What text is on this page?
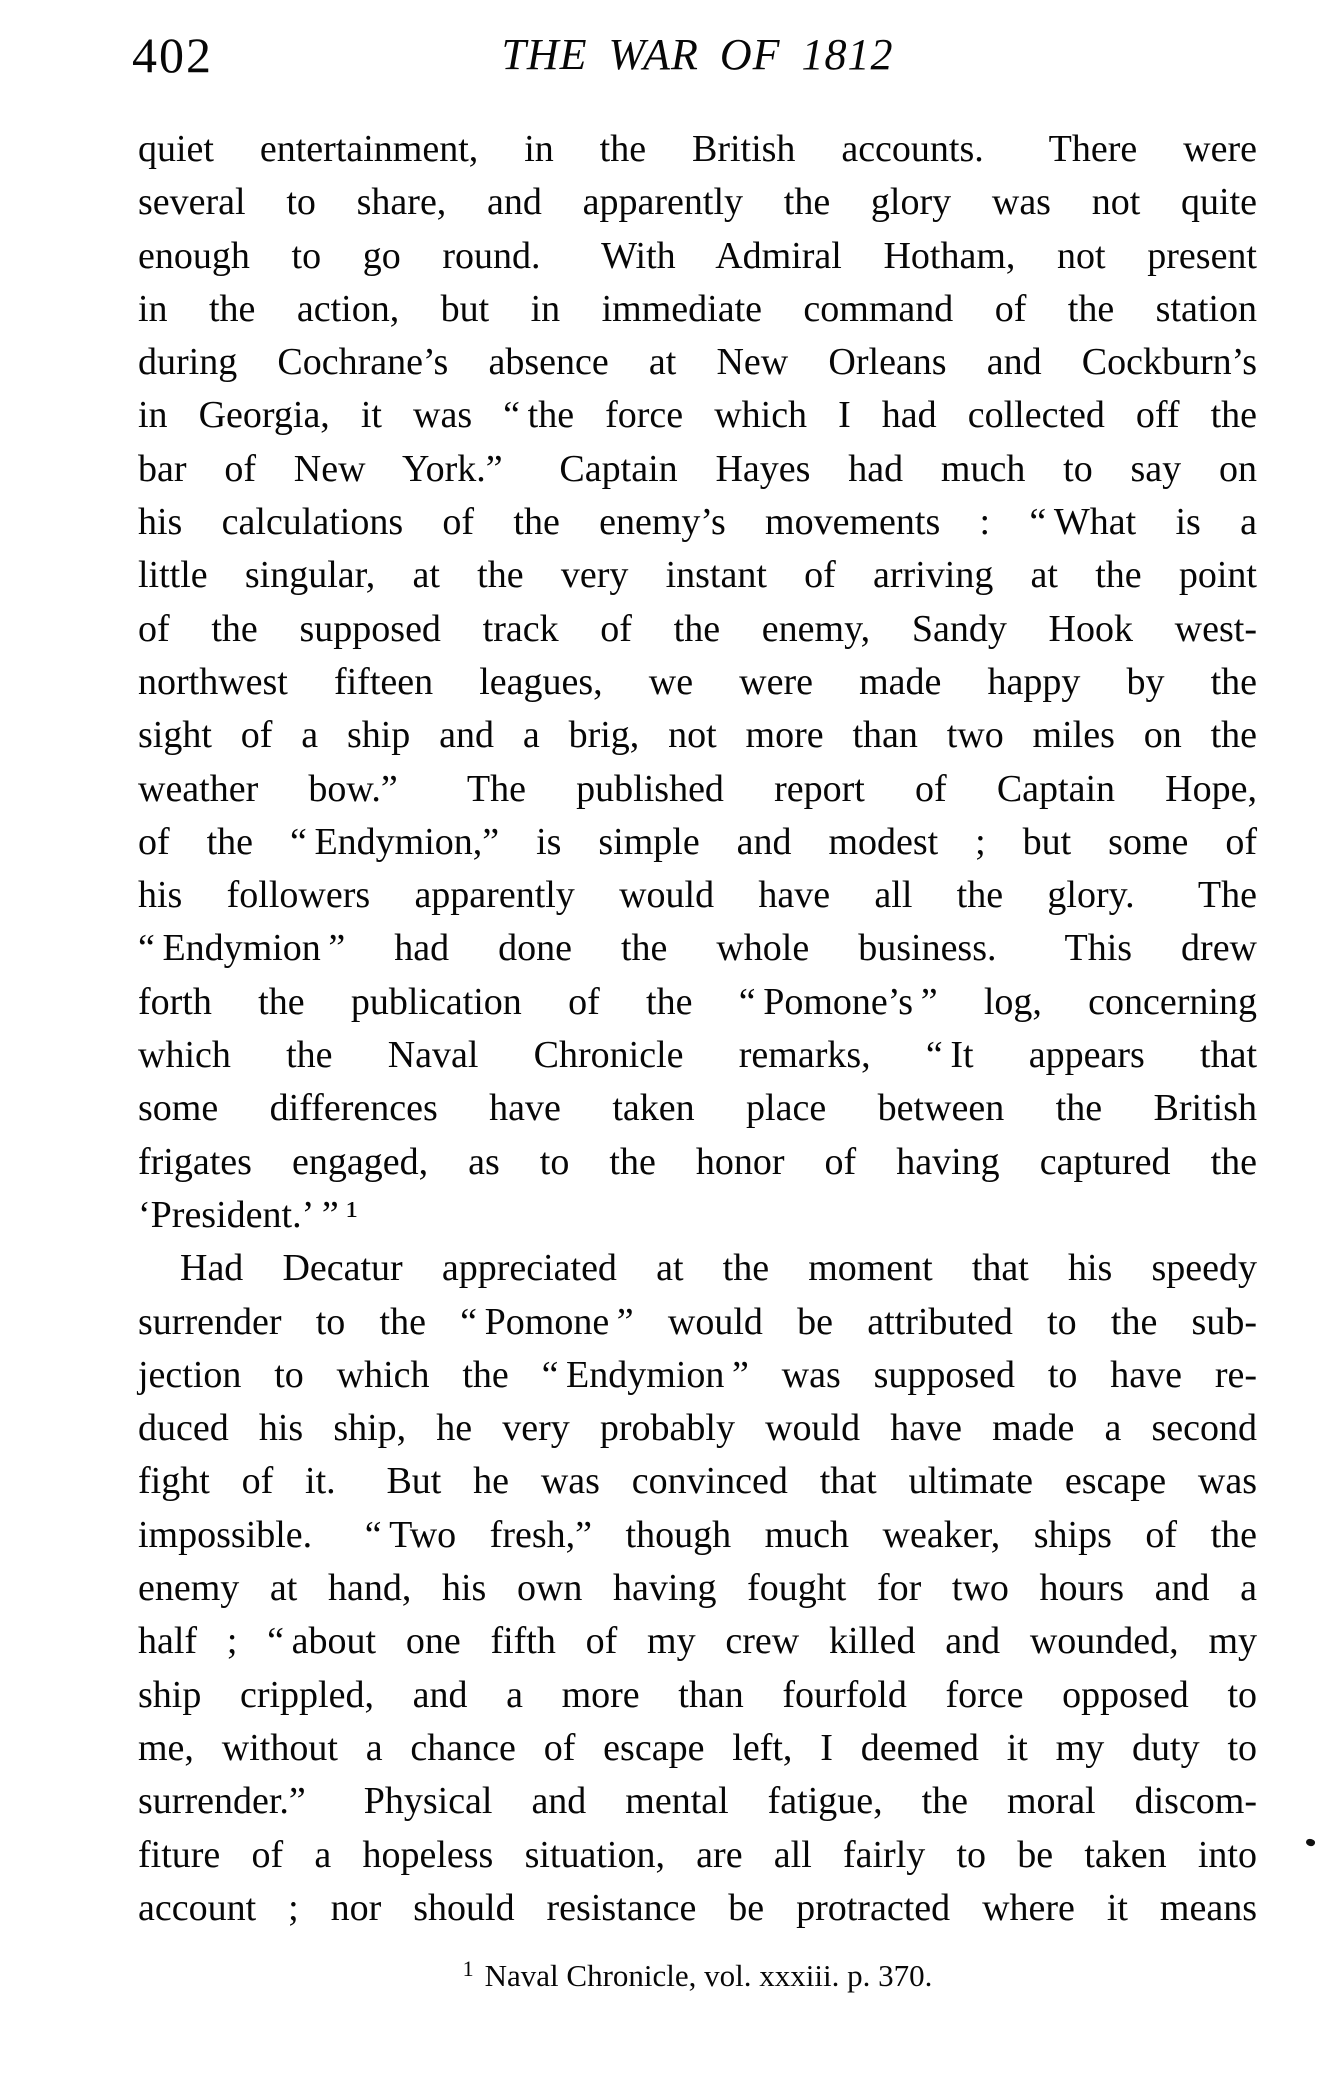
402	THE WAR OF 1812
quiet entertainment, in the British accounts.  There were
several to share, and apparently the glory was not quite
enough to go round.  With Admiral Hotham, not present
in the action, but in immediate command of the station
during Cochrane’s absence at New Orleans and Cockburn’s
in Georgia, it was “ the force which I had collected off the
bar of New York.”  Captain Hayes had much to say on
his calculations of the enemy’s movements : “ What is a
little singular, at the very instant of arriving at the point
of the supposed track of the enemy, Sandy Hook west-
northwest fifteen leagues, we were made happy by the
sight of a ship and a brig, not more than two miles on the
weather bow.”  The published report of Captain Hope,
of the “ Endymion,” is simple and modest ; but some of
his followers apparently would have all the glory.  The
“ Endymion ” had done the whole business.  This drew
forth the publication of the “ Pomone’s ” log, concerning
which the Naval Chronicle remarks, “ It appears that
some differences have taken place between the British
frigates engaged, as to the honor of having captured the
‘President.’ ” ¹
Had Decatur appreciated at the moment that his speedy
surrender to the “ Pomone ” would be attributed to the sub-
jection to which the “ Endymion ” was supposed to have re-
duced his ship, he very probably would have made a second
fight of it.  But he was convinced that ultimate escape was
impossible.  “ Two fresh,” though much weaker, ships of the
enemy at hand, his own having fought for two hours and a
half ; “ about one fifth of my crew killed and wounded, my
ship crippled, and a more than fourfold force opposed to
me, without a chance of escape left, I deemed it my duty to
surrender.”  Physical and mental fatigue, the moral discom-
fiture of a hopeless situation, are all fairly to be taken into
account ; nor should resistance be protracted where it means
$^1$ Naval Chronicle, vol. xxxiii. p. 370.
